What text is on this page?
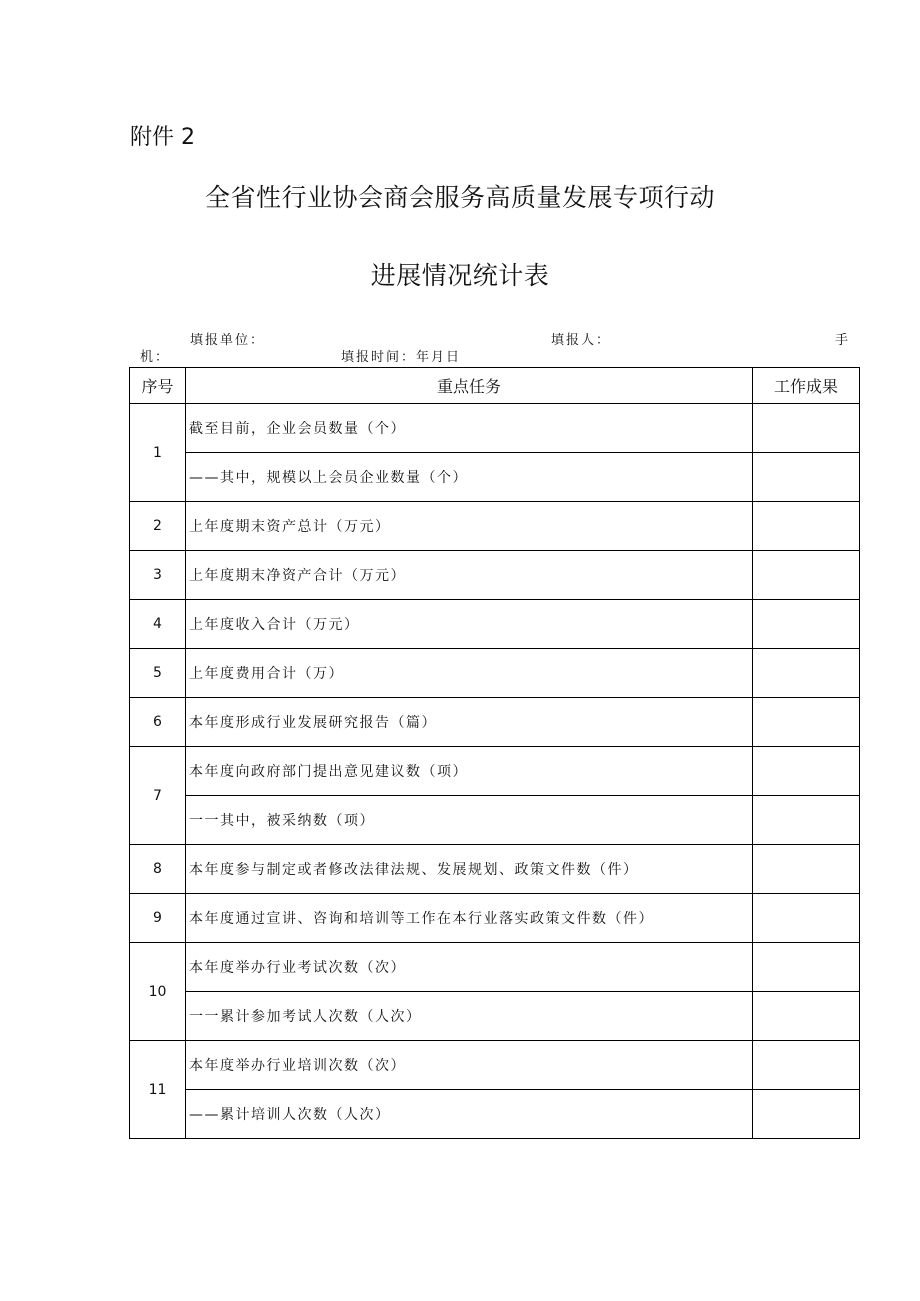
附件 2
全省性行业协会商会服务高质量发展专项行动
进展情况统计表
填报单位：	填报人：	手
机：	填报时间：年月日
序号	重点任务	工作成果
1	截至目前，企业会员数量（个）	
	——其中，规模以上会员企业数量（个）	
2	上年度期末资产总计（万元）	
3	上年度期末净资产合计（万元）	
4	上年度收入合计（万元）	
5	上年度费用合计（万）	
6	本年度形成行业发展研究报告（篇）	
7	本年度向政府部门提出意见建议数（项）	
	一一其中，被采纳数（项）	
8	本年度参与制定或者修改法律法规、发展规划、政策文件数（件）	
9	本年度通过宣讲、咨询和培训等工作在本行业落实政策文件数（件）	
10	本年度举办行业考试次数（次）	
	一一累计参加考试人次数（人次）	
11	本年度举办行业培训次数（次）	
	——累计培训人次数（人次）	
